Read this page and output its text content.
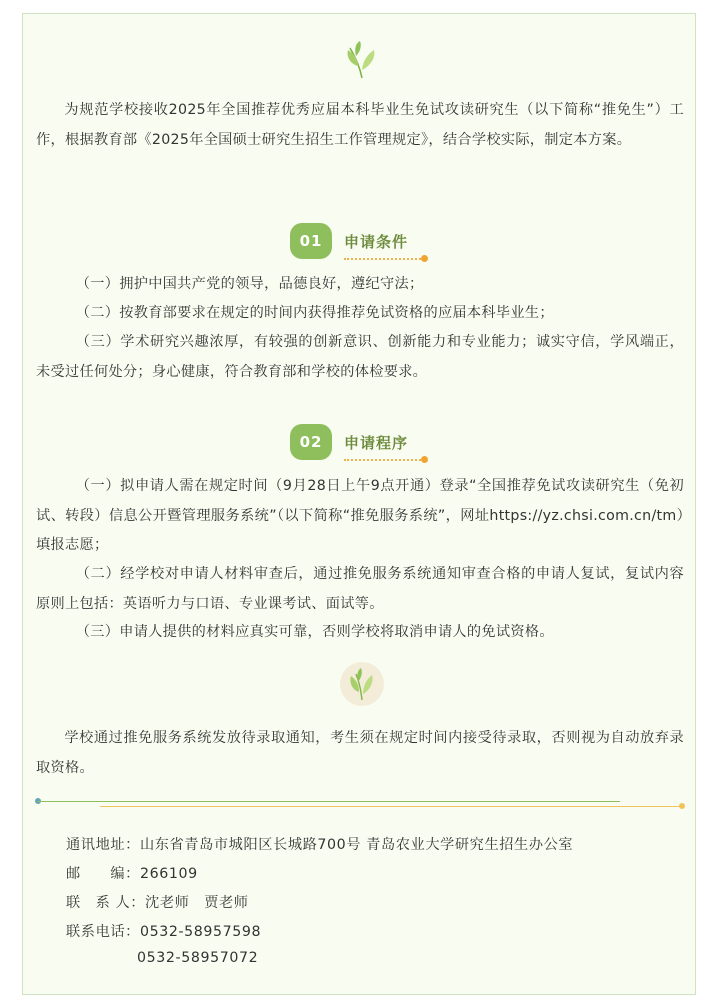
为规范学校接收2025年全国推荐优秀应届本科毕业生免试攻读研究生（以下简称“推免生”）工作，根据教育部《2025年全国硕士研究生招生工作管理规定》，结合学校实际，制定本方案。

01	申请条件

（一）拥护中国共产党的领导，品德良好，遵纪守法；

（二）按教育部要求在规定的时间内获得推荐免试资格的应届本科毕业生；

（三）学术研究兴趣浓厚，有较强的创新意识、创新能力和专业能力；诚实守信，学风端正，未受过任何处分；身心健康，符合教育部和学校的体检要求。

02	申请程序

（一）拟申请人需在规定时间（9月28日上午9点开通）登录“全国推荐免试攻读研究生（免初试、转段）信息公开暨管理服务系统”（以下简称“推免服务系统”，网址https://yz.chsi.com.cn/tm）填报志愿；

（二）经学校对申请人材料审查后，通过推免服务系统通知审查合格的申请人复试，复试内容原则上包括：英语听力与口语、专业课考试、面试等。

（三）申请人提供的材料应真实可靠，否则学校将取消申请人的免试资格。

学校通过推免服务系统发放待录取通知，考生须在规定时间内接受待录取，否则视为自动放弃录取资格。

通讯地址：山东省青岛市城阳区长城路700号 青岛农业大学研究生招生办公室
邮　　编：266109
联　系 人：沈老师　贾老师
联系电话：0532-58957598
0532-58957072
